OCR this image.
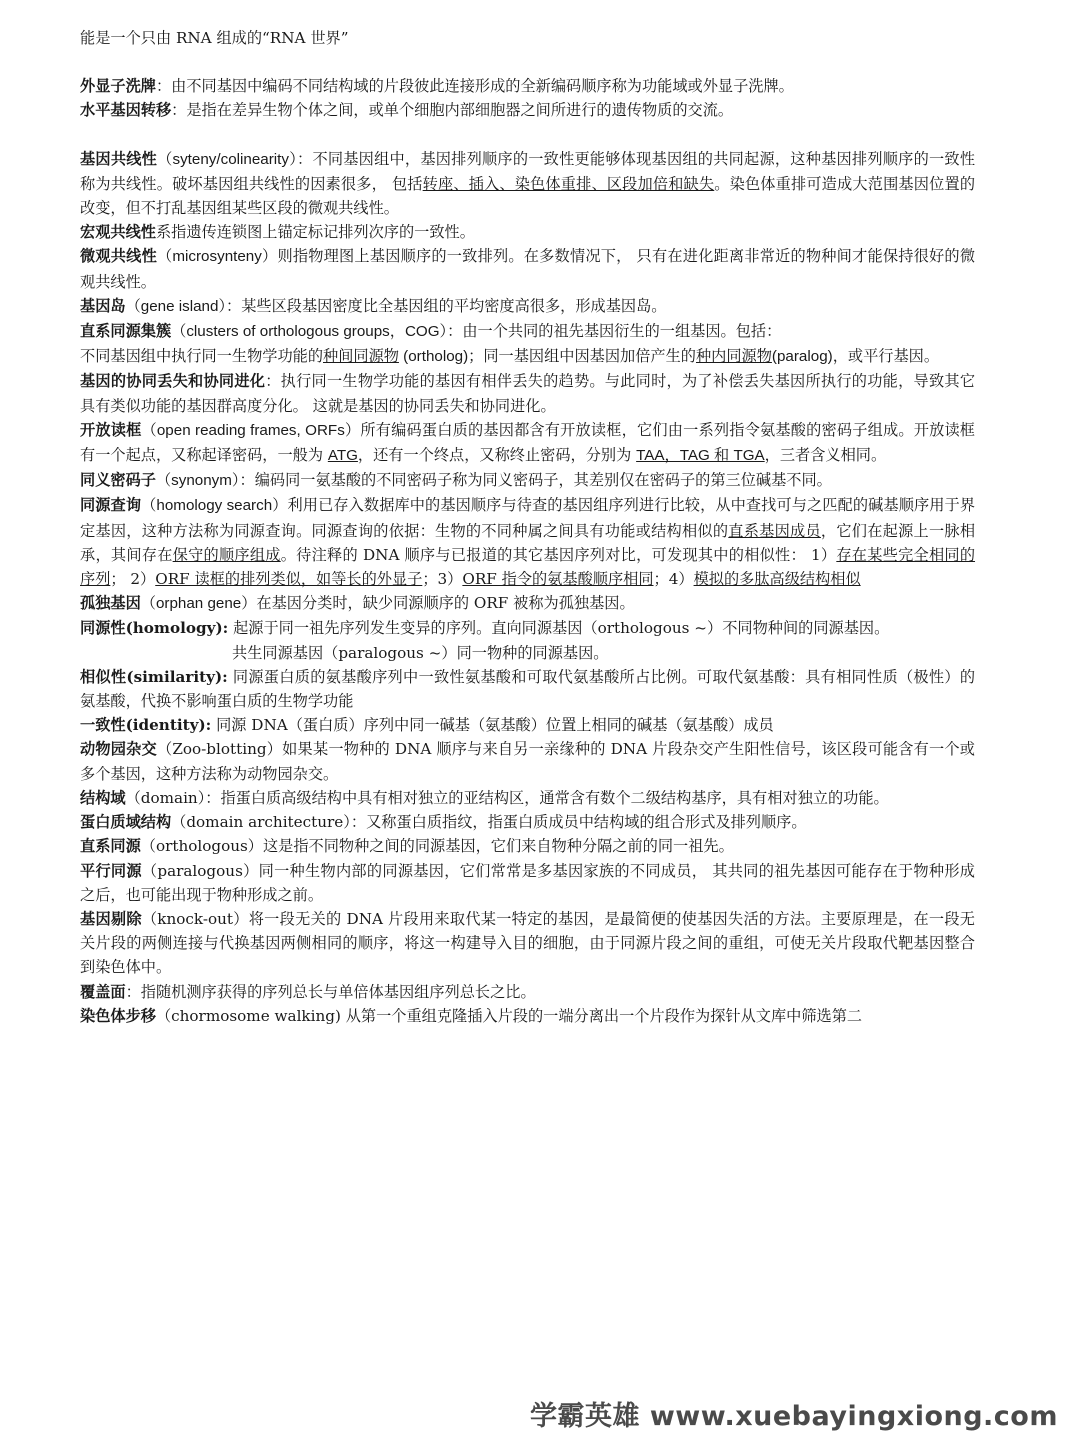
能是一个只由 RNA 组成的“RNA 世界”

外显子洗牌：由不同基因中编码不同结构域的片段彼此连接形成的全新编码顺序称为功能域或外显子洗牌。

水平基因转移：是指在差异生物个体之间，或单个细胞内部细胞器之间所进行的遗传物质的交流。

基因共线性（syteny/colinearity）：不同基因组中，基因排列顺序的一致性更能够体现基因组的共同起源，这种基因排列顺序的一致性称为共线性。破坏基因组共线性的因素很多， 包括转座、插入、染色体重排、区段加倍和缺失。染色体重排可造成大范围基因位置的改变，但不打乱基因组某些区段的微观共线性。

宏观共线性系指遗传连锁图上锚定标记排列次序的一致性。

微观共线性（microsynteny）则指物理图上基因顺序的一致排列。在多数情况下， 只有在进化距离非常近的物种间才能保持很好的微观共线性。

基因岛（gene island）：某些区段基因密度比全基因组的平均密度高很多，形成基因岛。

直系同源集簇（clusters of orthologous groups，COG）：由一个共同的祖先基因衍生的一组基因。包括：

不同基因组中执行同一生物学功能的种间同源物 (ortholog)；同一基因组中因基因加倍产生的种内同源物(paralog)，或平行基因。

基因的协同丢失和协同进化：执行同一生物学功能的基因有相伴丢失的趋势。与此同时，为了补偿丢失基因所执行的功能，导致其它具有类似功能的基因群高度分化。 这就是基因的协同丢失和协同进化。

开放读框（open reading frames, ORFs）所有编码蛋白质的基因都含有开放读框，它们由一系列指令氨基酸的密码子组成。开放读框有一个起点，又称起译密码，一般为 ATG，还有一个终点，又称终止密码，分别为 TAA，TAG 和 TGA，三者含义相同。

同义密码子（synonym）：编码同一氨基酸的不同密码子称为同义密码子，其差别仅在密码子的第三位碱基不同。

同源查询（homology search）利用已存入数据库中的基因顺序与待查的基因组序列进行比较，从中查找可与之匹配的碱基顺序用于界定基因，这种方法称为同源查询。同源查询的依据：生物的不同种属之间具有功能或结构相似的直系基因成员，它们在起源上一脉相承，其间存在保守的顺序组成。待注释的 DNA 顺序与已报道的其它基因序列对比，可发现其中的相似性： 1）存在某些完全相同的序列； 2）ORF 读框的排列类似，如等长的外显子；3）ORF 指令的氨基酸顺序相同；4）模拟的多肽高级结构相似

孤独基因（orphan gene）在基因分类时，缺少同源顺序的 ORF 被称为孤独基因。

同源性(homology): 起源于同一祖先序列发生变异的序列。直向同源基因（orthologous ~）不同物种间的同源基因。

共生同源基因（paralogous ~）同一物种的同源基因。

相似性(similarity): 同源蛋白质的氨基酸序列中一致性氨基酸和可取代氨基酸所占比例。可取代氨基酸：具有相同性质（极性）的氨基酸，代换不影响蛋白质的生物学功能

一致性(identity): 同源 DNA（蛋白质）序列中同一碱基（氨基酸）位置上相同的碱基（氨基酸）成员

动物园杂交（Zoo-blotting）如果某一物种的 DNA 顺序与来自另一亲缘种的 DNA 片段杂交产生阳性信号，该区段可能含有一个或多个基因，这种方法称为动物园杂交。

结构域（domain）：指蛋白质高级结构中具有相对独立的亚结构区，通常含有数个二级结构基序，具有相对独立的功能。

蛋白质域结构（domain architecture）：又称蛋白质指纹，指蛋白质成员中结构域的组合形式及排列顺序。

直系同源（orthologous）这是指不同物种之间的同源基因，它们来自物种分隔之前的同一祖先。

平行同源（paralogous）同一种生物内部的同源基因，它们常常是多基因家族的不同成员， 其共同的祖先基因可能存在于物种形成之后，也可能出现于物种形成之前。

基因剔除（knock-out）将一段无关的 DNA 片段用来取代某一特定的基因，是最简便的使基因失活的方法。主要原理是，在一段无关片段的两侧连接与代换基因两侧相同的顺序，将这一构建导入目的细胞，由于同源片段之间的重组，可使无关片段取代靶基因整合到染色体中。

覆盖面：指随机测序获得的序列总长与单倍体基因组序列总长之比。

染色体步移（chormosome walking) 从第一个重组克隆插入片段的一端分离出一个片段作为探针从文库中筛选第二

学霸英雄 www.xuebayingxiong.com
